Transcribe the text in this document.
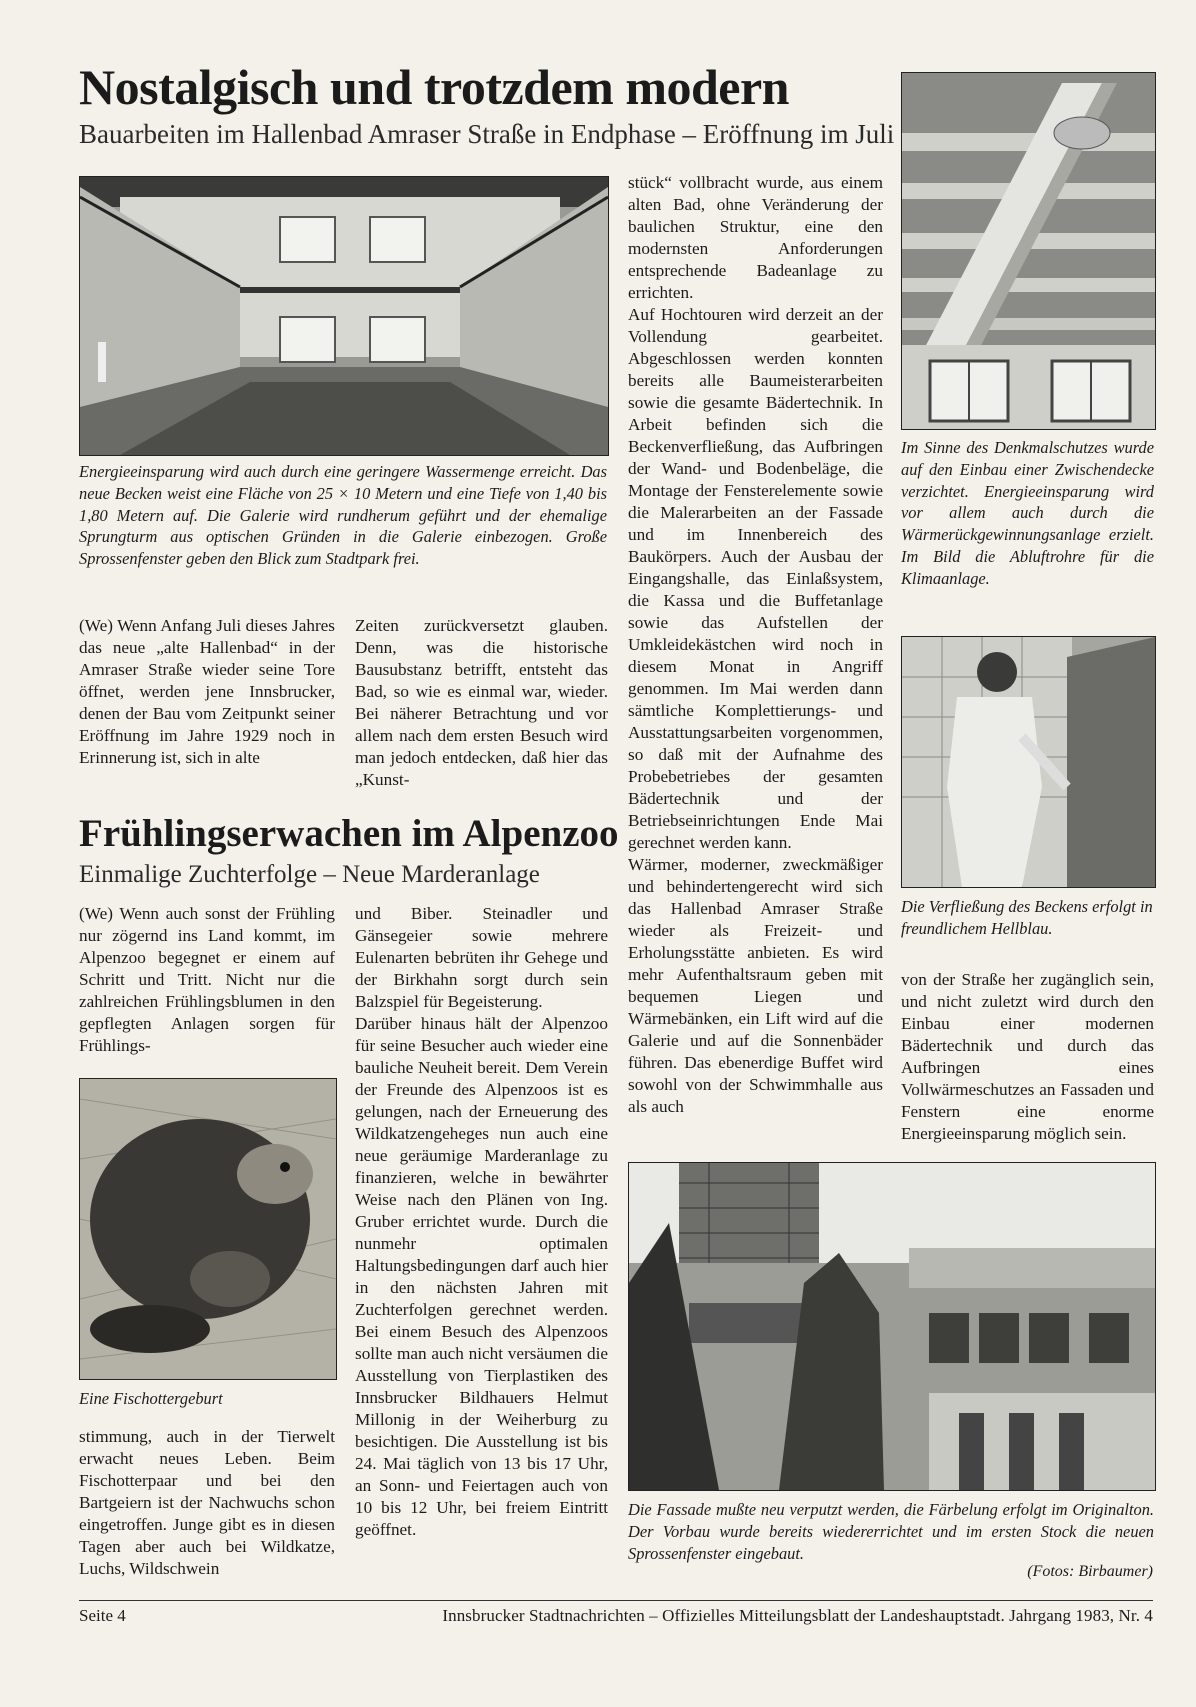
Nostalgisch und trotzdem modern
Bauarbeiten im Hallenbad Amraser Straße in Endphase – Eröffnung im Juli

Energieeinsparung wird auch durch eine geringere Wassermenge erreicht. Das neue Becken weist eine Fläche von 25 × 10 Metern und eine Tiefe von 1,40 bis 1,80 Metern auf. Die Galerie wird rundherum geführt und der ehemalige Sprungturm aus optischen Gründen in die Galerie einbezogen. Große Sprossenfenster geben den Blick zum Stadtpark frei.

(We) Wenn Anfang Juli dieses Jahres das neue „alte Hallenbad“ in der Amraser Straße wieder seine Tore öffnet, werden jene Innsbrucker, denen der Bau vom Zeitpunkt seiner Eröffnung im Jahre 1929 noch in Erinnerung ist, sich in alte

Zeiten zurückversetzt glauben. Denn, was die historische Bausubstanz betrifft, entsteht das Bad, so wie es einmal war, wieder. Bei näherer Betrachtung und vor allem nach dem ersten Besuch wird man jedoch entdecken, daß hier das „Kunst-

stück“ vollbracht wurde, aus einem alten Bad, ohne Veränderung der baulichen Struktur, eine den modernsten Anforderungen entsprechende Badeanlage zu errichten.

Auf Hochtouren wird derzeit an der Vollendung gearbeitet. Abgeschlossen werden konnten bereits alle Baumeisterarbeiten sowie die gesamte Bädertechnik. In Arbeit befinden sich die Beckenverfließung, das Aufbringen der Wand- und Bodenbeläge, die Montage der Fensterelemente sowie die Malerarbeiten an der Fassade und im Innenbereich des Baukörpers. Auch der Ausbau der Eingangshalle, das Einlaßsystem, die Kassa und die Buffetanlage sowie das Aufstellen der Umkleidekästchen wird noch in diesem Monat in Angriff genommen. Im Mai werden dann sämtliche Komplettierungs- und Ausstattungsarbeiten vorgenommen, so daß mit der Aufnahme des Probebetriebes der gesamten Bädertechnik und der Betriebseinrichtungen Ende Mai gerechnet werden kann.

Wärmer, moderner, zweckmäßiger und behindertengerecht wird sich das Hallenbad Amraser Straße wieder als Freizeit- und Erholungsstätte anbieten. Es wird mehr Aufenthaltsraum geben mit bequemen Liegen und Wärmebänken, ein Lift wird auf die Galerie und auf die Sonnenbäder führen. Das ebenerdige Buffet wird sowohl von der Schwimmhalle aus als auch

Im Sinne des Denkmalschutzes wurde auf den Einbau einer Zwischendecke verzichtet. Energieeinsparung wird vor allem auch durch die Wärmerückgewinnungsanlage erzielt. Im Bild die Abluftrohre für die Klimaanlage.

Die Verfließung des Beckens erfolgt in freundlichem Hellblau.

von der Straße her zugänglich sein, und nicht zuletzt wird durch den Einbau einer modernen Bädertechnik und durch das Aufbringen eines Vollwärmeschutzes an Fassaden und Fenstern eine enorme Energieeinsparung möglich sein.

Die Fassade mußte neu verputzt werden, die Färbelung erfolgt im Originalton. Der Vorbau wurde bereits wiedererrichtet und im ersten Stock die neuen Sprossenfenster eingebaut.

(Fotos: Birbaumer)
Frühlingserwachen im Alpenzoo
Einmalige Zuchterfolge – Neue Marderanlage

(We) Wenn auch sonst der Frühling nur zögernd ins Land kommt, im Alpenzoo begegnet er einem auf Schritt und Tritt. Nicht nur die zahlreichen Frühlingsblumen in den gepflegten Anlagen sorgen für Frühlings-

Eine Fischottergeburt

stimmung, auch in der Tierwelt erwacht neues Leben. Beim Fischotterpaar und bei den Bartgeiern ist der Nachwuchs schon eingetroffen. Junge gibt es in diesen Tagen aber auch bei Wildkatze, Luchs, Wildschwein

und Biber. Steinadler und Gänsegeier sowie mehrere Eulenarten bebrüten ihr Gehege und der Birkhahn sorgt durch sein Balzspiel für Begeisterung.

Darüber hinaus hält der Alpenzoo für seine Besucher auch wieder eine bauliche Neuheit bereit. Dem Verein der Freunde des Alpenzoos ist es gelungen, nach der Erneuerung des Wildkatzengeheges nun auch eine neue geräumige Marderanlage zu finanzieren, welche in bewährter Weise nach den Plänen von Ing. Gruber errichtet wurde. Durch die nunmehr optimalen Haltungsbedingungen darf auch hier in den nächsten Jahren mit Zuchterfolgen gerechnet werden. Bei einem Besuch des Alpenzoos sollte man auch nicht versäumen die Ausstellung von Tierplastiken des Innsbrucker Bildhauers Helmut Millonig in der Weiherburg zu besichtigen. Die Ausstellung ist bis 24. Mai täglich von 13 bis 17 Uhr, an Sonn- und Feiertagen auch von 10 bis 12 Uhr, bei freiem Eintritt geöffnet.

Seite 4	Innsbrucker Stadtnachrichten – Offizielles Mitteilungsblatt der Landeshauptstadt. Jahrgang 1983, Nr. 4
